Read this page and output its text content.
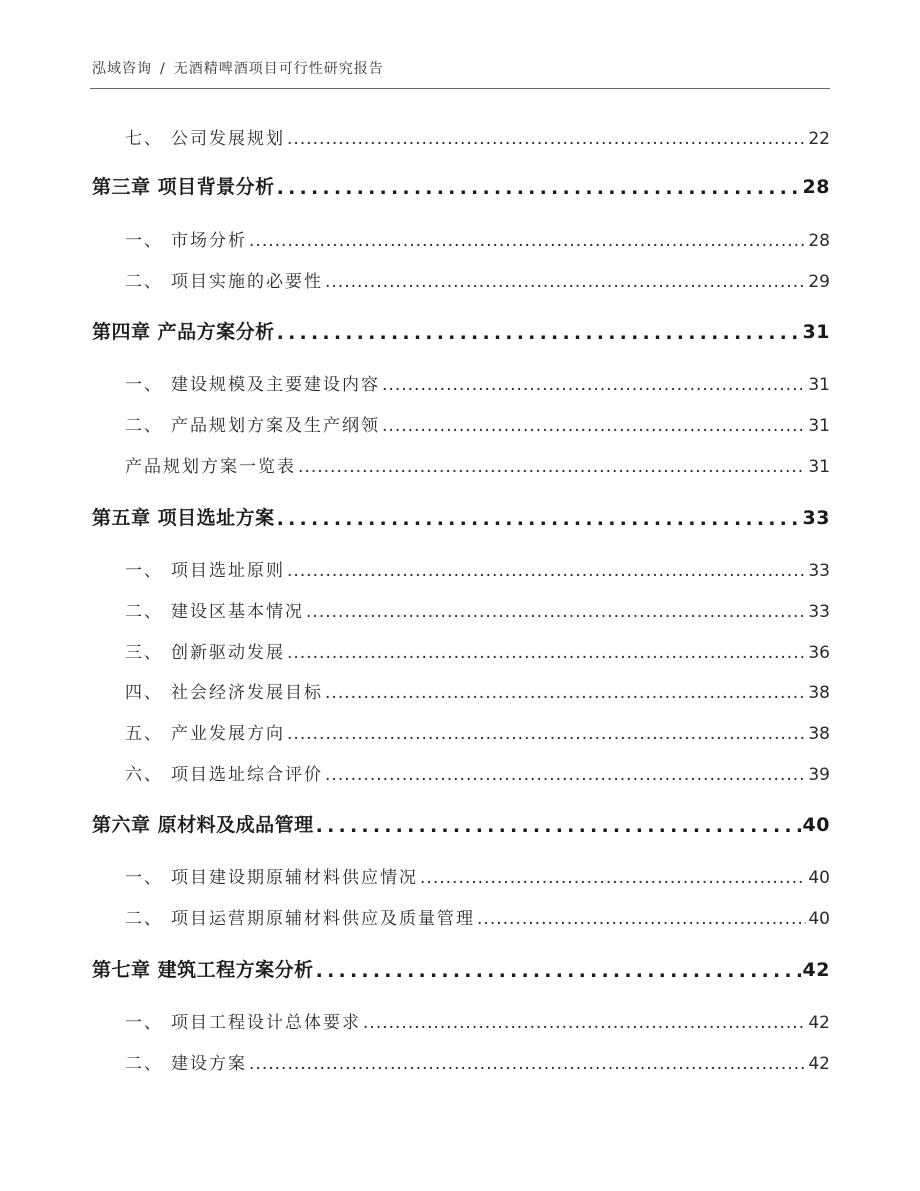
泓域咨询 / 无酒精啤酒项目可行性研究报告
七、 公司发展规划 . . .	22
第三章 项目背景分析 . . .	28
一、 市场分析 . . .	28
二、 项目实施的必要性 . . .	29
第四章 产品方案分析 . . .	31
一、 建设规模及主要建设内容 . . .	31
二、 产品规划方案及生产纲领 . . .	31
产品规划方案一览表 . . .	31
第五章 项目选址方案 . . .	33
一、 项目选址原则 . . .	33
二、 建设区基本情况 . . .	33
三、 创新驱动发展 . . .	36
四、 社会经济发展目标 . . .	38
五、 产业发展方向 . . .	38
六、 项目选址综合评价 . . .	39
第六章 原材料及成品管理 . . .	40
一、 项目建设期原辅材料供应情况 . . .	40
二、 项目运营期原辅材料供应及质量管理 . . .	40
第七章 建筑工程方案分析 . . .	42
一、 项目工程设计总体要求 . . .	42
二、 建设方案 . . .	42
